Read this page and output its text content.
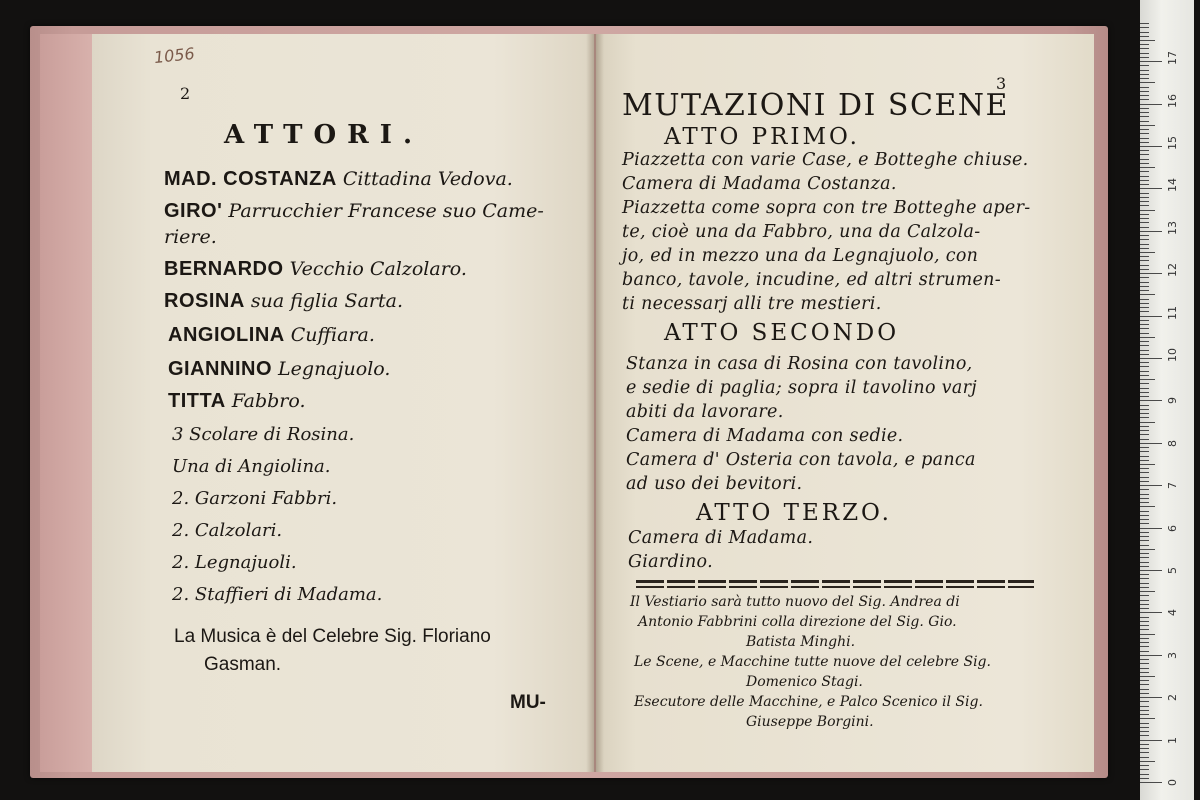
1056
2
ATTORI.
MAD. COSTANZA Cittadina Vedova.
GIRO' Parrucchier Francese suo Came-
riere.
BERNARDO Vecchio Calzolaro.
ROSINA sua figlia Sarta.
ANGIOLINA Cuffiara.
GIANNINO Legnajuolo.
TITTA Fabbro.
3 Scolare di Rosina.
Una di Angiolina.
2. Garzoni Fabbri.
2. Calzolari.
2. Legnajuoli.
2. Staffieri di Madama.
La Musica è del Celebre Sig. Floriano
Gasman.
MU-
3
MUTAZIONI DI SCENE
ATTO PRIMO.
Piazzetta con varie Case, e Botteghe chiuse.
Camera di Madama Costanza.
Piazzetta come sopra con tre Botteghe aper-
te, cioè una da Fabbro, una da Calzola-
jo, ed in mezzo una da Legnajuolo, con
banco, tavole, incudine, ed altri strumen-
ti necessarj alli tre mestieri.
ATTO SECONDO
Stanza in casa di Rosina con tavolino,
e sedie di paglia; sopra il tavolino varj
abiti da lavorare.
Camera di Madama con sedie.
Camera d' Osteria con tavola, e panca
ad uso dei bevitori.
ATTO TERZO.
Camera di Madama.
Giardino.
Il Vestiario sarà tutto nuovo del Sig. Andrea di
Antonio Fabbrini colla direzione del Sig. Gio.
Batista Minghi.
Le Scene, e Macchine tutte nuove del celebre Sig.
Domenico Stagi.
Esecutore delle Macchine, e Palco Scenico il Sig.
Giuseppe Borgini.
0
1
2
3
4
5
6
7
8
9
10
11
12
13
14
15
16
17
